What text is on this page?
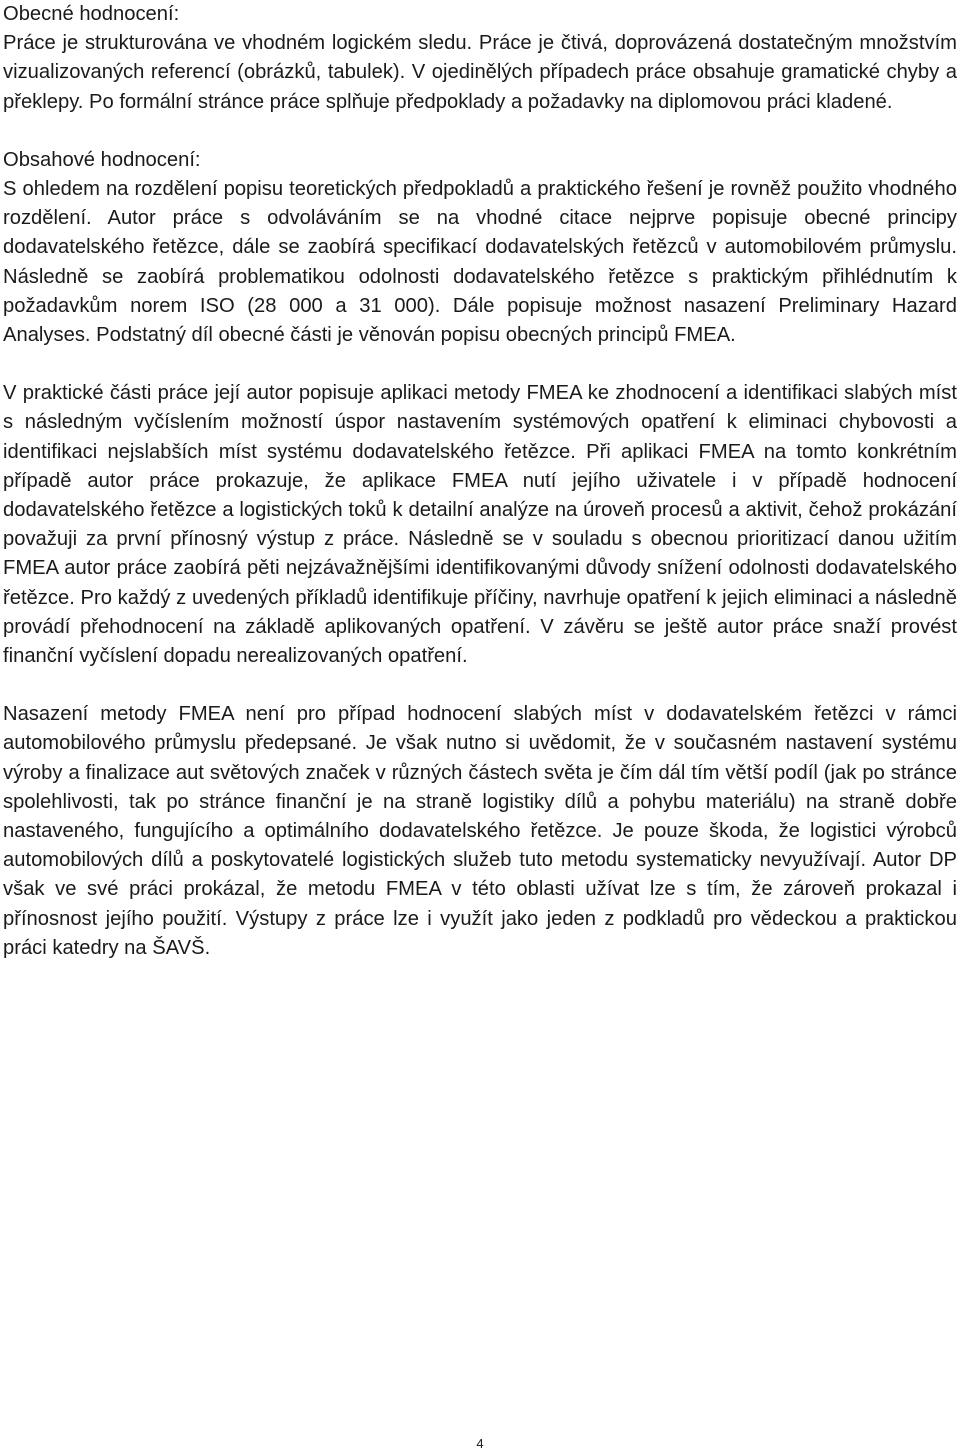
Obecné hodnocení:

Práce je strukturována ve vhodném logickém sledu. Práce je čtivá, doprovázená dostatečným množstvím vizualizovaných referencí (obrázků, tabulek). V ojedinělých případech práce obsahuje gramatické chyby a překlepy. Po formální stránce práce splňuje předpoklady a požadavky na diplomovou práci kladené.

Obsahové hodnocení:

S ohledem na rozdělení popisu teoretických předpokladů a praktického řešení je rovněž použito vhodného rozdělení. Autor práce s odvoláváním se na vhodné citace nejprve popisuje obecné principy dodavatelského řetězce, dále se zaobírá specifikací dodavatelských řetězců v automobilovém průmyslu. Následně se zaobírá problematikou odolnosti dodavatelského řetězce s praktickým přihlédnutím k požadavkům norem ISO (28 000 a 31 000). Dále popisuje možnost nasazení Preliminary Hazard Analyses. Podstatný díl obecné části je věnován popisu obecných principů FMEA.

V praktické části práce její autor popisuje aplikaci metody FMEA ke zhodnocení a identifikaci slabých míst s následným vyčíslením možností úspor nastavením systémových opatření k eliminaci chybovosti a identifikaci nejslabších míst systému dodavatelského řetězce. Při aplikaci FMEA na tomto konkrétním případě autor práce prokazuje, že aplikace FMEA nutí jejího uživatele i v případě hodnocení dodavatelského řetězce a logistických toků k detailní analýze na úroveň procesů a aktivit, čehož prokázání považuji za první přínosný výstup z práce. Následně se v souladu s obecnou prioritizací danou užitím FMEA autor práce zaobírá pěti nejzávažnějšími identifikovanými důvody snížení odolnosti dodavatelského řetězce. Pro každý z uvedených příkladů identifikuje příčiny, navrhuje opatření k jejich eliminaci a následně provádí přehodnocení na základě aplikovaných opatření. V závěru se ještě autor práce snaží provést finanční vyčíslení dopadu nerealizovaných opatření.

Nasazení metody FMEA není pro případ hodnocení slabých míst v dodavatelském řetězci v rámci automobilového průmyslu předepsané. Je však nutno si uvědomit, že v současném nastavení systému výroby a finalizace aut světových značek v různých částech světa je čím dál tím větší podíl (jak po stránce spolehlivosti, tak po stránce finanční je na straně logistiky dílů a pohybu materiálu) na straně dobře nastaveného, fungujícího a optimálního dodavatelského řetězce. Je pouze škoda, že logistici výrobců automobilových dílů a poskytovatelé logistických služeb tuto metodu systematicky nevyužívají. Autor DP však ve své práci prokázal, že metodu FMEA v této oblasti užívat lze s tím, že zároveň prokazal i přínosnost jejího použití. Výstupy z práce lze i využít jako jeden z podkladů pro vědeckou a praktickou práci katedry na ŠAVŠ.

4
